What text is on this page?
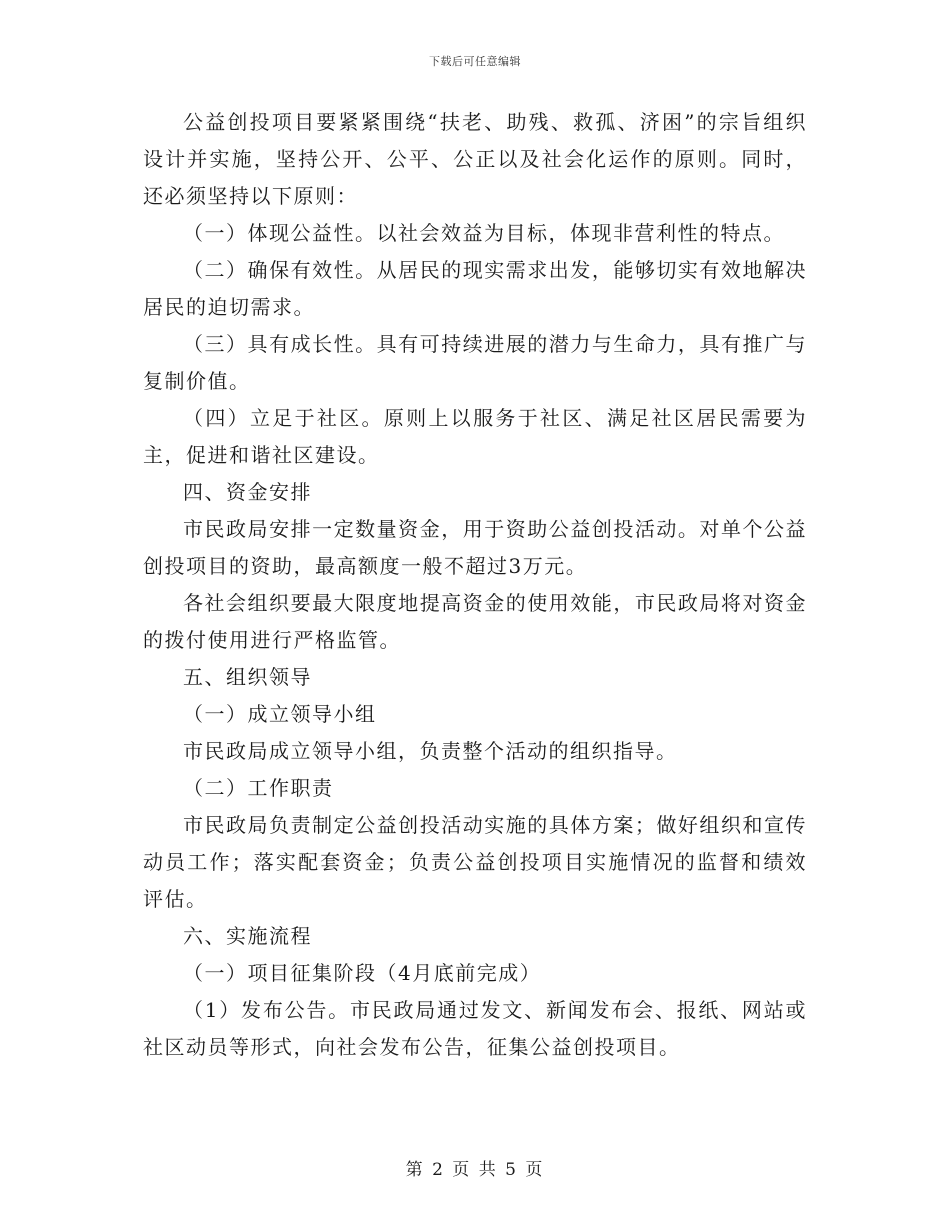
下载后可任意编辑

公益创投项目要紧紧围绕“扶老、助残、救孤、济困”的宗旨组织设计并实施，坚持公开、公平、公正以及社会化运作的原则。同时，还必须坚持以下原则：

（一）体现公益性。以社会效益为目标，体现非营利性的特点。

（二）确保有效性。从居民的现实需求出发，能够切实有效地解决居民的迫切需求。

（三）具有成长性。具有可持续进展的潜力与生命力，具有推广与复制价值。

（四）立足于社区。原则上以服务于社区、满足社区居民需要为主，促进和谐社区建设。

四、资金安排

市民政局安排一定数量资金，用于资助公益创投活动。对单个公益创投项目的资助，最高额度一般不超过3万元。

各社会组织要最大限度地提高资金的使用效能，市民政局将对资金的拨付使用进行严格监管。

五、组织领导

（一）成立领导小组

市民政局成立领导小组，负责整个活动的组织指导。

（二）工作职责

市民政局负责制定公益创投活动实施的具体方案；做好组织和宣传动员工作；落实配套资金；负责公益创投项目实施情况的监督和绩效评估。

六、实施流程

（一）项目征集阶段（4月底前完成）

（1）发布公告。市民政局通过发文、新闻发布会、报纸、网站或社区动员等形式，向社会发布公告，征集公益创投项目。

第 2 页 共 5 页
